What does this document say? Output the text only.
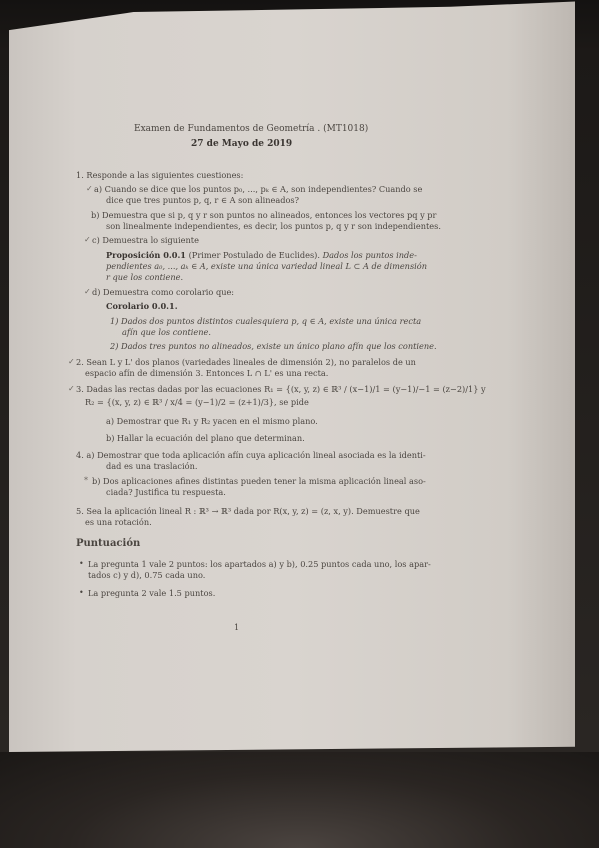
Examen de Fundamentos de Geometría . (MT1018)
27 de Mayo de 2019
1. Responde a las siguientes cuestiones:
✓ a) Cuando se dice que los puntos p₀, ..., pₖ ∈ A, son independientes? Cuando se
dice que tres puntos p, q, r ∈ A son alineados?
b) Demuestra que si p, q y r son puntos no alineados, entonces los vectores pq y pr
son linealmente independientes, es decir, los puntos p, q y r son independientes.
✓ c) Demuestra lo siguiente
Proposición 0.0.1 (Primer Postulado de Euclides). Dados los puntos inde-
pendientes a₀, ..., aₖ ∈ A, existe una única variedad lineal L ⊂ A de dimensión
r que los contiene.
✓ d) Demuestra como corolario que:
Corolario 0.0.1.
1) Dados dos puntos distintos cualesquiera p, q ∈ A, existe una única recta
afín que los contiene.
2) Dados tres puntos no alineados, existe un único plano afín que los contiene.
✓ 2. Sean L y L' dos planos (variedades lineales de dimensión 2), no paralelos de un
espacio afín de dimensión 3. Entonces L ∩ L' es una recta.
✓ 3. Dadas las rectas dadas por las ecuaciones R₁ = {(x, y, z) ∈ ℝ³ / (x−1)/1 = (y−1)/−1 = (z−2)/1} y
R₂ = {(x, y, z) ∈ ℝ³ / x/4 = (y−1)/2 = (z+1)/3}, se pide
a) Demostrar que R₁ y R₂ yacen en el mismo plano.
b) Hallar la ecuación del plano que determinan.
4. a) Demostrar que toda aplicación afín cuya aplicación lineal asociada es la identi-
dad es una traslación.
* b) Dos aplicaciones afines distintas pueden tener la misma aplicación lineal aso-
ciada? Justifica tu respuesta.
5. Sea la aplicación lineal R : ℝ³ → ℝ³ dada por R(x, y, z) = (z, x, y). Demuestre que
es una rotación.
Puntuación
• La pregunta 1 vale 2 puntos: los apartados a) y b), 0.25 puntos cada uno, los apar-
tados c) y d), 0.75 cada uno.
• La pregunta 2 vale 1.5 puntos.
1
